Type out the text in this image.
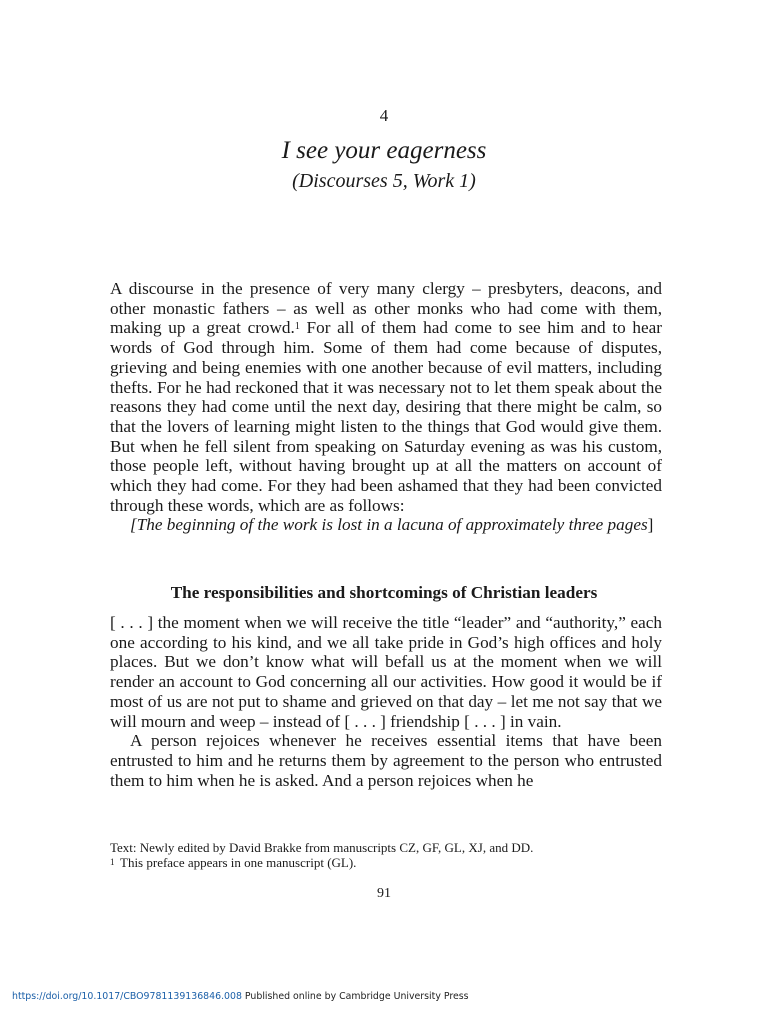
4
I see your eagerness
(Discourses 5, Work 1)

A discourse in the presence of very many clergy – presbyters, deacons, and other monastic fathers – as well as other monks who had come with them, making up a great crowd.$^1$ For all of them had come to see him and to hear words of God through him. Some of them had come because of disputes, grieving and being enemies with one another because of evil matters, including thefts. For he had reckoned that it was necessary not to let them speak about the reasons they had come until the next day, desiring that there might be calm, so that the lovers of learning might listen to the things that God would give them. But when he fell silent from speaking on Saturday evening as was his custom, those people left, without having brought up at all the matters on account of which they had come. For they had been ashamed that they had been convicted through these words, which are as follows:

[The beginning of the work is lost in a lacuna of approximately three pages]

The responsibilities and shortcomings of Christian leaders

[ . . . ] the moment when we will receive the title “leader” and “authority,” each one according to his kind, and we all take pride in God’s high offices and holy places. But we don’t know what will befall us at the moment when we will render an account to God concerning all our activities. How good it would be if most of us are not put to shame and grieved on that day – let me not say that we will mourn and weep – instead of [ . . . ] friendship [ . . . ] in vain.

A person rejoices whenever he receives essential items that have been entrusted to him and he returns them by agreement to the person who entrusted them to him when he is asked. And a person rejoices when he

Text: Newly edited by David Brakke from manuscripts CZ, GF, GL, XJ, and DD.

1 This preface appears in one manuscript (GL).

91
https://doi.org/10.1017/CBO9781139136846.008 Published online by Cambridge University Press
